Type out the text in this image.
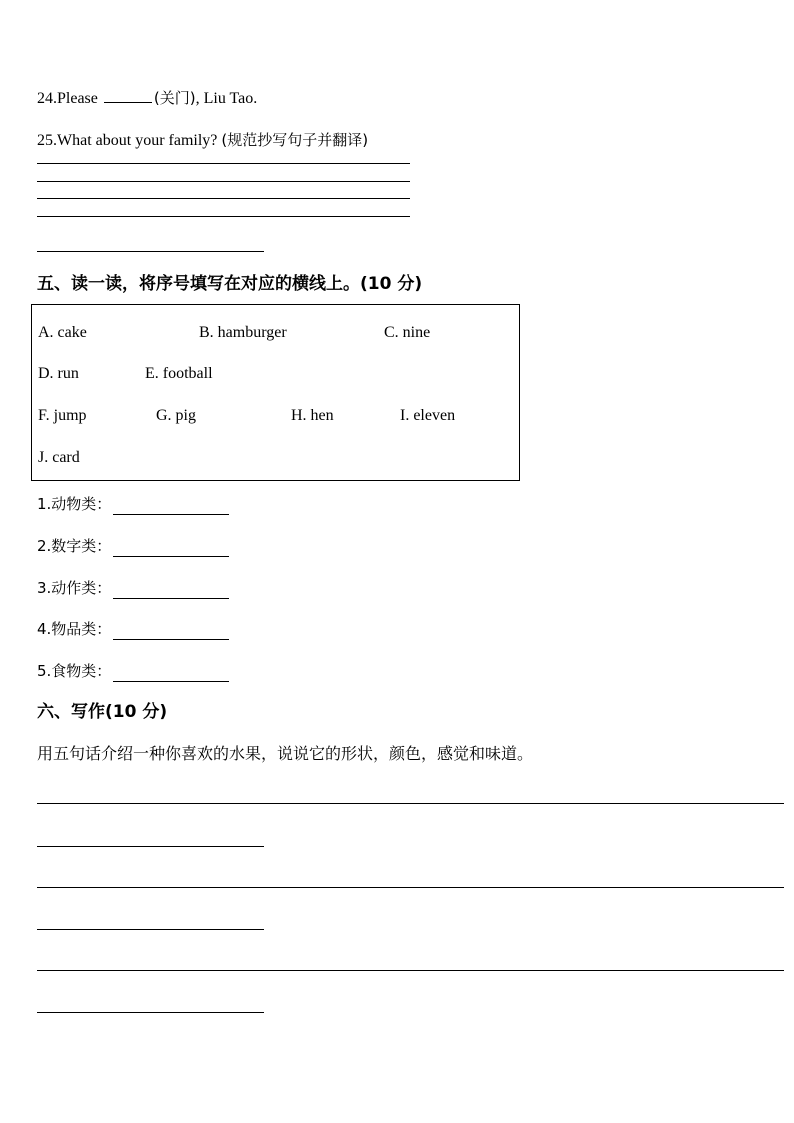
24.Please	(关门), Liu Tao.
25.What about your family? (规范抄写句子并翻译)
五、读一读，将序号填写在对应的横线上。(10 分)
A. cake	B. hamburger	C. nine
D. run	E. football
F. jump	G. pig	H. hen	I. eleven
J. card
1.动物类：
2.数字类：
3.动作类：
4.物品类：
5.食物类：
六、写作(10 分)
用五句话介绍一种你喜欢的水果，说说它的形状，颜色，感觉和味道。
